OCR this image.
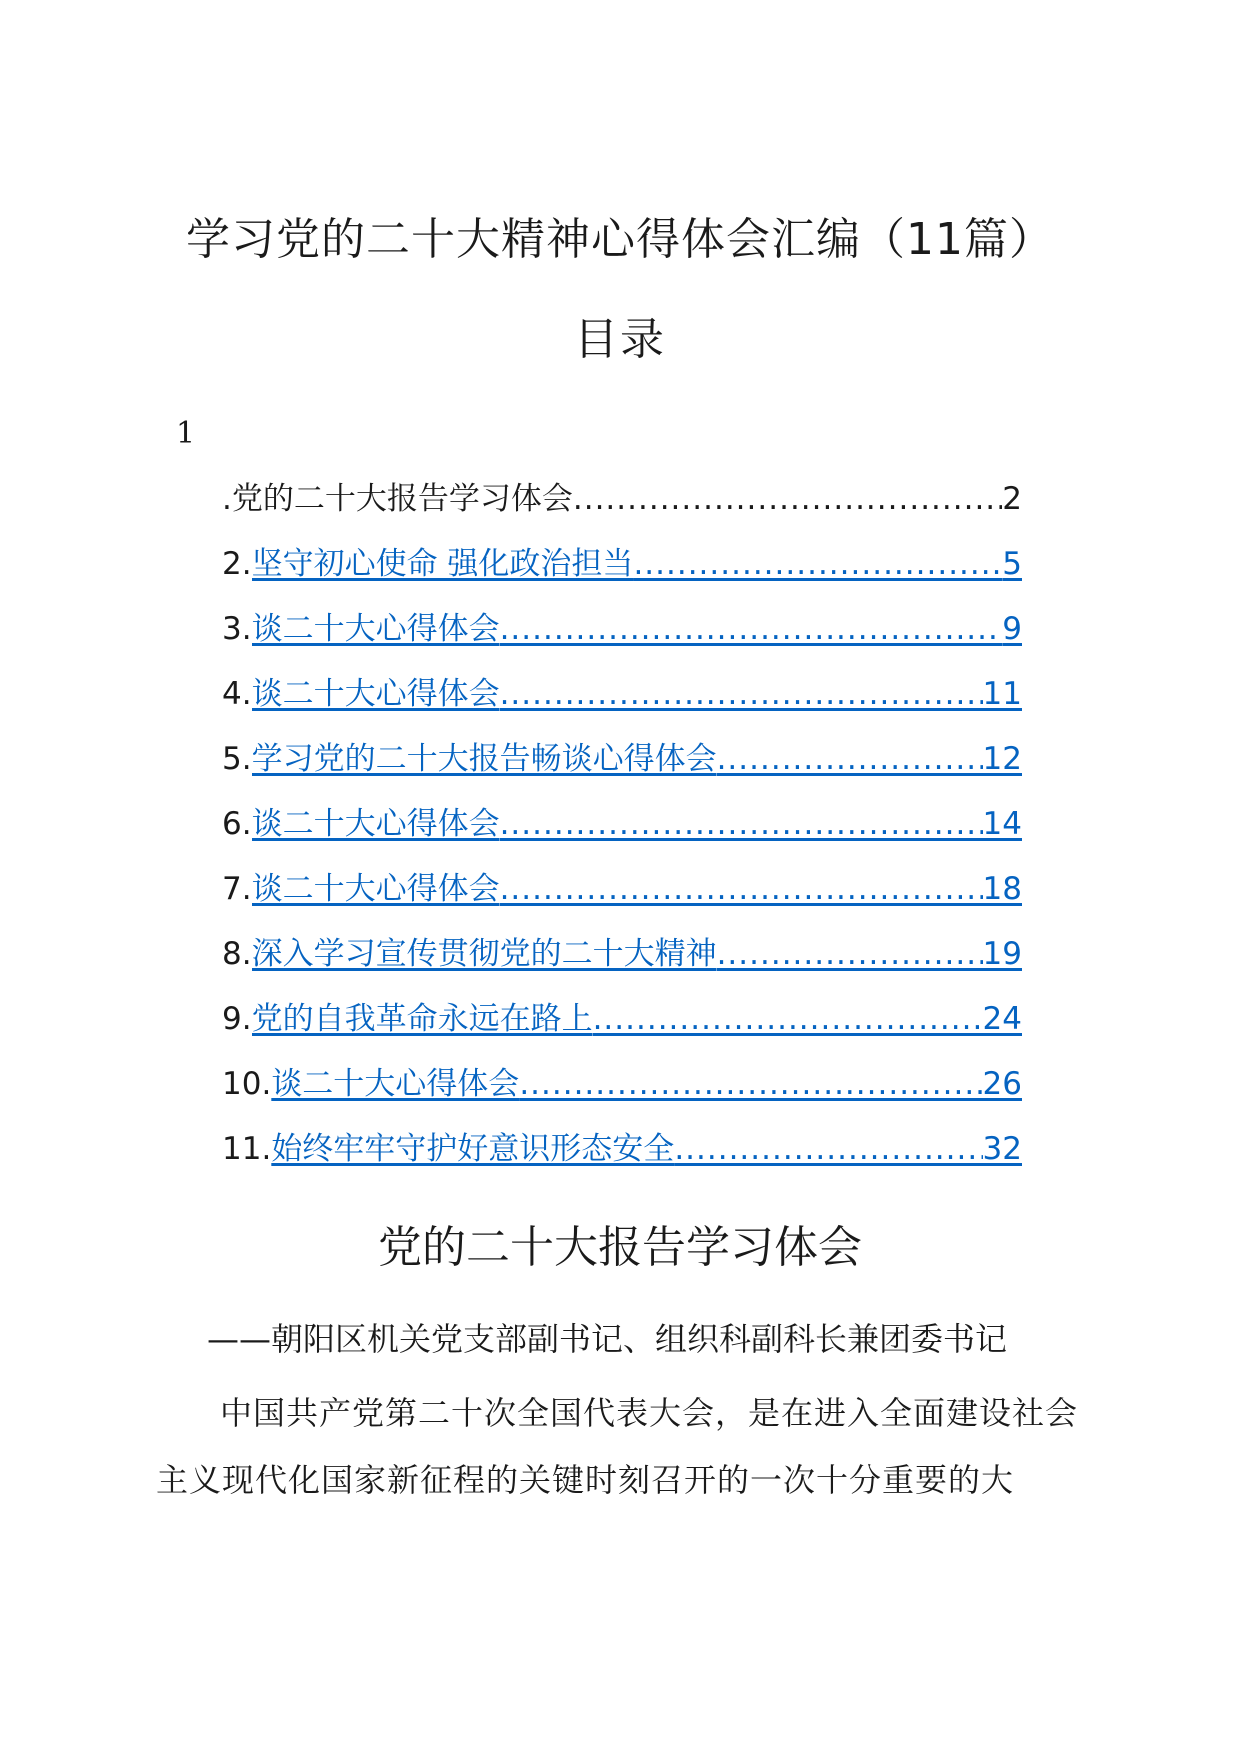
学习党的二十大精神心得体会汇编（11篇）
目录
1
.党的二十大报告学习体会 .....	2
2. 坚守初心使命 强化政治担当 .....	5
3. 谈二十大心得体会 .....	9
4. 谈二十大心得体会 .....	11
5. 学习党的二十大报告畅谈心得体会 .....	12
6. 谈二十大心得体会 .....	14
7. 谈二十大心得体会 .....	18
8. 深入学习宣传贯彻党的二十大精神 .....	19
9. 党的自我革命永远在路上 .....	24
10. 谈二十大心得体会 .....	26
11. 始终牢牢守护好意识形态安全 .....	32
党的二十大报告学习体会
——朝阳区机关党支部副书记、组织科副科长兼团委书记

中国共产党第二十次全国代表大会，是在进入全面建设社会主义现代化国家新征程的关键时刻召开的一次十分重要的大
